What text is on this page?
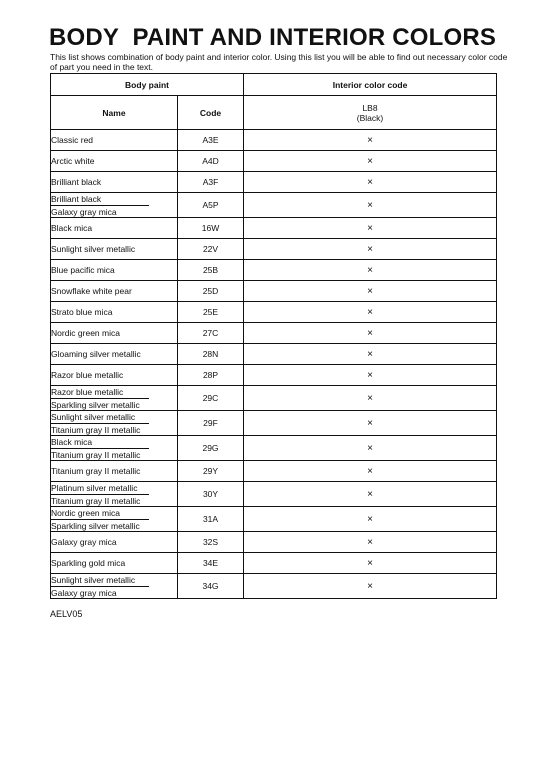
BODY  PAINT AND INTERIOR COLORS
This list shows combination of body paint and interior color. Using this list you will be able to find out necessary color code of part you need in the text.
Body paint		Interior color code
Name	Code	LB8
(Black)

Classic red	A3E	×

Arctic white	A4D	×

Brilliant black	A3F	×

Brilliant black
Galaxy gray mica	A5P	×

Black mica	16W	×

Sunlight silver metallic	22V	×

Blue pacific mica	25B	×

Snowflake white pear	25D	×

Strato blue mica	25E	×

Nordic green mica	27C	×

Gloaming silver metallic	28N	×

Razor blue metallic	28P	×

Razor blue metallic
Sparkling silver metallic	29C	×

Sunlight silver metallic
Titanium gray II metallic	29F	×

Black mica
Titanium gray II metallic	29G	×

Titanium gray II metallic	29Y	×

Platinum silver metallic
Titanium gray II metallic	30Y	×

Nordic green mica
Sparkling silver metallic	31A	×

Galaxy gray mica	32S	×

Sparkling gold mica	34E	×

Sunlight silver metallic
Galaxy gray mica	34G	×
AELV05
